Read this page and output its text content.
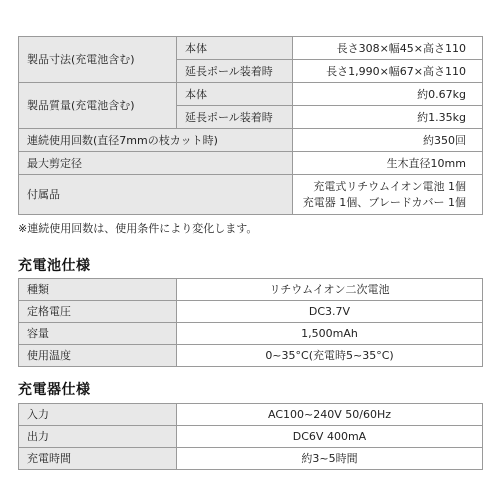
製品寸法(充電池含む)	本体	長さ308×幅45×高さ110
	延長ポール装着時	長さ1,990×幅67×高さ110
製品質量(充電池含む)	本体	約0.67kg
	延長ポール装着時	約1.35kg
連続使用回数(直径7mmの枝カット時)		約350回
最大剪定径		生木直径10mm
付属品		充電式リチウムイオン電池 1個
充電器 1個、ブレードカバー 1個
※連続使用回数は、使用条件により変化します。
充電池仕様
種類	リチウムイオン二次電池
定格電圧	DC3.7V
容量	1,500mAh
使用温度	0~35°C(充電時5~35°C)
充電器仕様
入力	AC100~240V 50/60Hz
出力	DC6V 400mA
充電時間	約3~5時間
